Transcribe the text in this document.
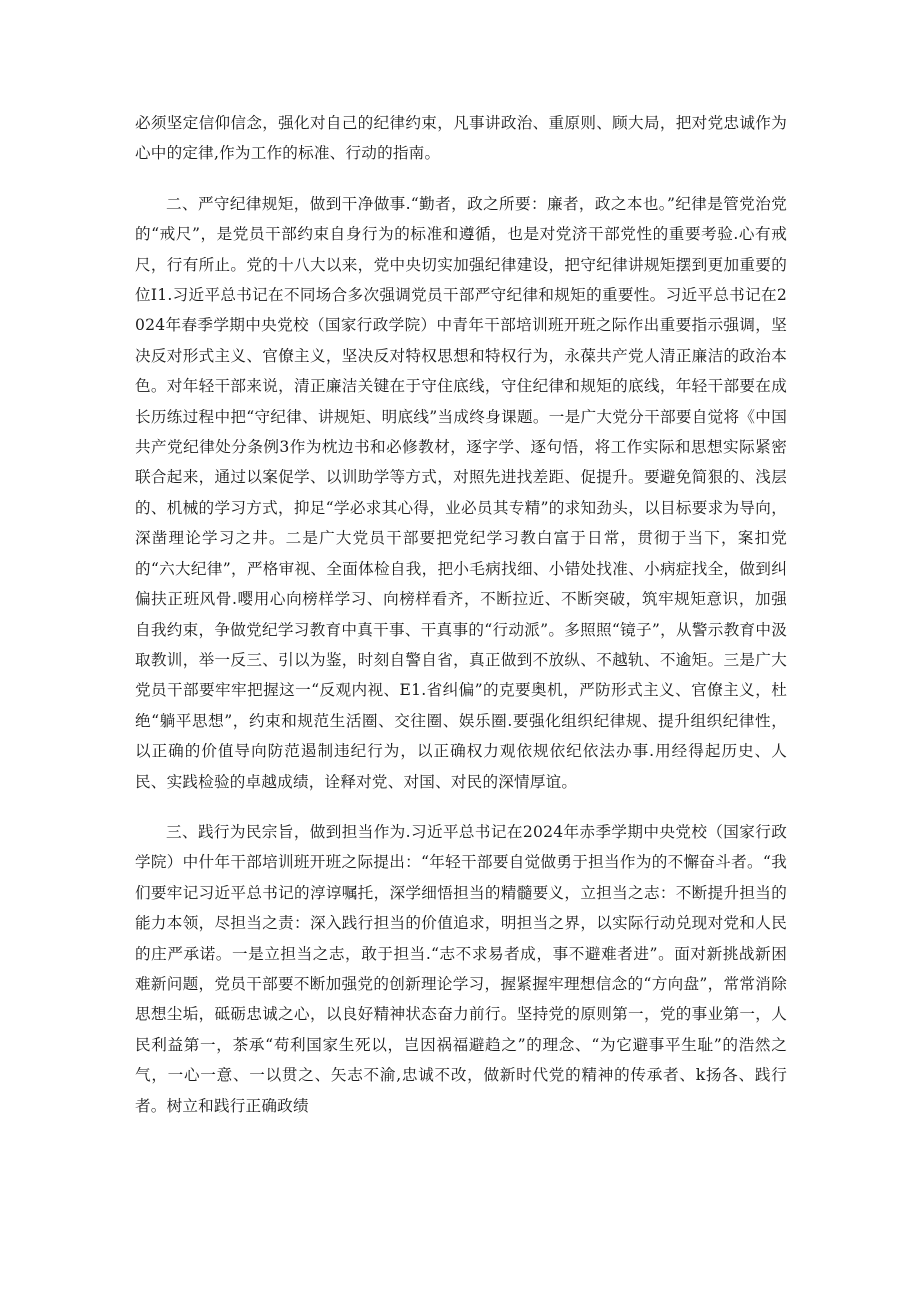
必须坚定信仰信念，强化对自己的纪律约束，凡事讲政治、重原则、顾大局，把对党忠诚作为心中的定律,作为工作的标准、行动的指南。

二、严守纪律规矩，做到干净做事.“勤者，政之所要：廉者，政之本也。”纪律是管党治党的“戒尺”，是党员干部约束自身行为的标准和遵循，也是对党济干部党性的重要考验.心有戒尺，行有所止。党的十八大以来，党中央切实加强纪律建设，把守纪律讲规矩摆到更加重要的位I1.习近平总书记在不同场合多次强调党员干部严守纪律和规矩的重要性。习近平总书记在2024年春季学期中央党校（国家行政学院）中青年干部培训班开班之际作出重要指示强调，坚决反对形式主义、官僚主义，坚决反对特权思想和特权行为，永葆共产党人清正廉洁的政治本色。对年轻干部来说，清正廉洁关键在于守住底线，守住纪律和规矩的底线，年轻干部要在成长历练过程中把“守纪律、讲规矩、明底线”当成终身课题。一是广大党分干部要自觉将《中国共产党纪律处分条例3作为枕边书和必修教材，逐字学、逐句悟，将工作实际和思想实际紧密联合起来，通过以案促学、以训助学等方式，对照先进找差距、促提升。要避免简狠的、浅层的、机械的学习方式，抑足“学必求其心得，业必员其专精”的求知劲头，以目标要求为导向，深凿理论学习之井。二是广大党员干部要把党纪学习教白富于日常，贯彻于当下，案扣党的“六大纪律”，严格审视、全面体检自我，把小毛病找细、小错处找准、小病症找全，做到纠偏扶正班风骨.嘤用心向榜样学习、向榜样看齐，不断拉近、不断突破，筑牢规矩意识，加强自我约束，争做党纪学习教育中真干事、干真事的“行动派”。多照照“镜子”，从警示教育中汲取教训，举一反三、引以为鉴，时刻自警自省，真正做到不放纵、不越轨、不逾矩。三是广大党员干部要牢牢把握这一“反观内视、E1.省纠偏”的克要奥机，严防形式主义、官僚主义，杜绝“躺平思想”，约束和规范生活圈、交往圈、娱乐圈.要强化组织纪律规、提升组织纪律性，以正确的价值导向防范遏制违纪行为，以正确权力观依规依纪依法办事.用经得起历史、人民、实践检验的卓越成绩，诠释对党、对国、对民的深情厚谊。

三、践行为民宗旨，做到担当作为.习近平总书记在2024年赤季学期中央党校（国家行政学院）中什年干部培训班开班之际提出：“年轻干部要自觉做勇于担当作为的不懈奋斗者。“我们要牢记习近平总书记的淳谆嘱托，深学细悟担当的精髓要义，立担当之志：不断提升担当的能力本领，尽担当之责：深入践行担当的价值追求，明担当之界，以实际行动兑现对党和人民的庄严承诺。一是立担当之志，敢于担当.“志不求易者成，事不避难者进”。面对新挑战新困难新问题，党员干部要不断加强党的创新理论学习，握紧握牢理想信念的“方向盘”，常常消除思想尘垢，砥砺忠诚之心，以良好精神状态奋力前行。坚持党的原则第一，党的事业第一，人民利益第一，茶承“苟利国家生死以，岂因祸福避趋之”的理念、“为它避事平生耻”的浩然之气，一心一意、一以贯之、矢志不渝,忠诚不改，做新时代党的精神的传承者、k扬各、践行者。树立和践行正确政绩
